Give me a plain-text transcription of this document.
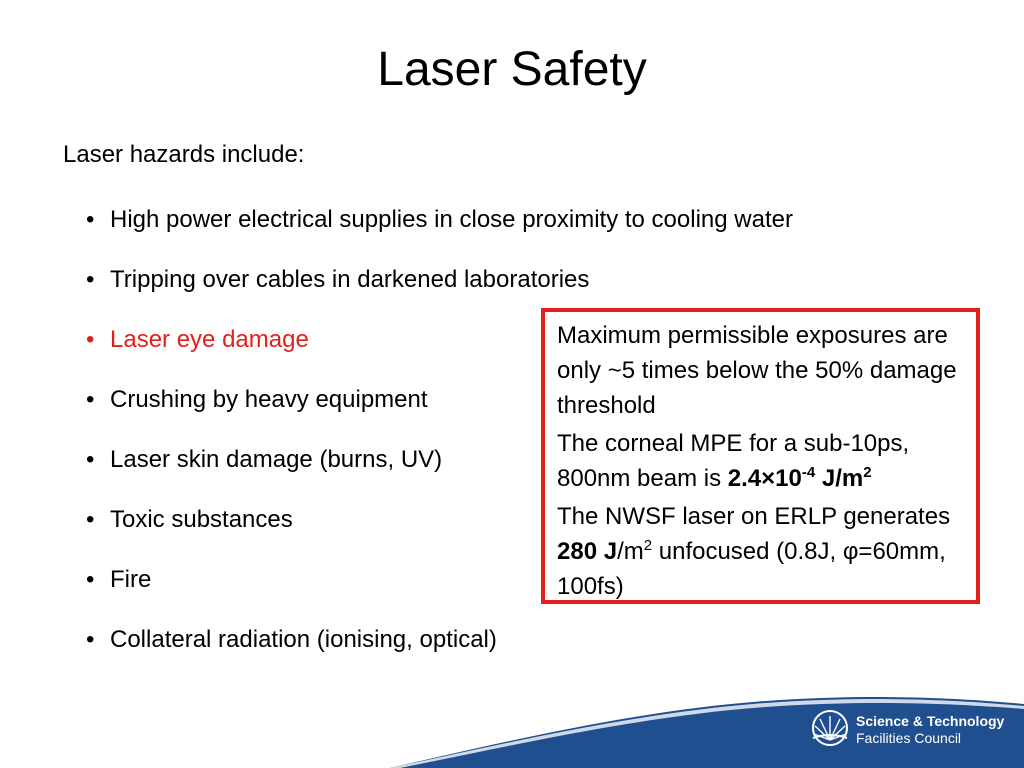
Laser Safety
Laser hazards include:
• High power electrical supplies in close proximity to cooling water
• Tripping over cables in darkened laboratories
• Laser eye damage
• Crushing by heavy equipment
• Laser skin damage (burns, UV)
• Toxic substances
• Fire
• Collateral radiation (ionising, optical)

Maximum permissible exposures are only ~5 times below the 50% damage threshold

The corneal MPE for a sub-10ps, 800nm beam is $2.4\times 10^{-4}$ $J/m^2$

The NWSF laser on ERLP generates 280 $J/m^2$ unfocused (0.8J, φ=60mm, 100fs)

Science & Technology
Facilities Council
